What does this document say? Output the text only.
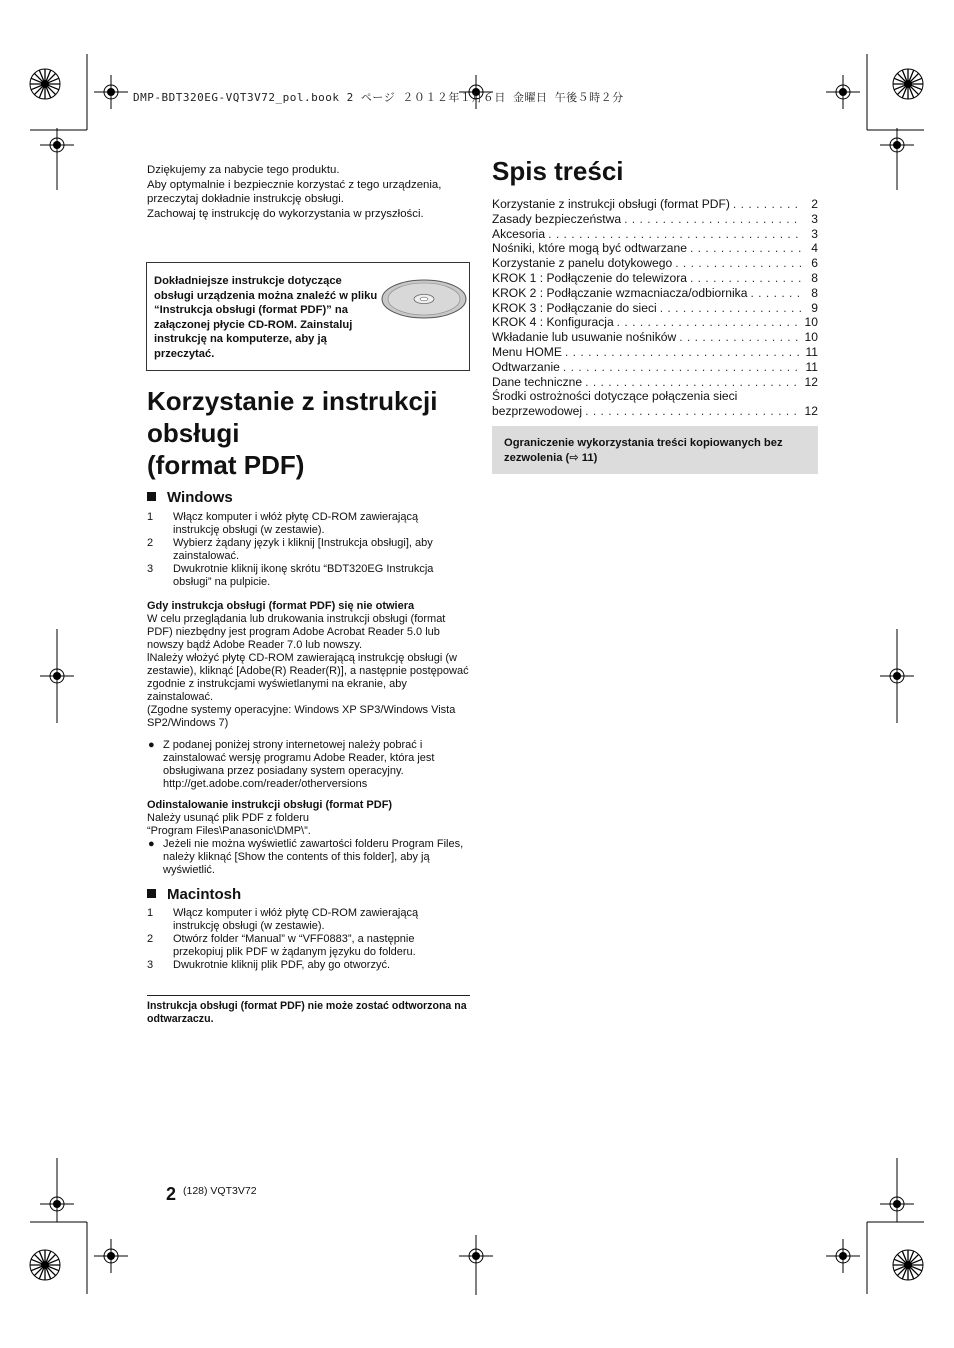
DMP-BDT320EG-VQT3V72_pol.book 2 ページ ２０１２年１月６日 金曜日 午後５時２分

Dziękujemy za nabycie tego produktu.

Aby optymalnie i bezpiecznie korzystać z tego urządzenia, przeczytaj dokładnie instrukcję obsługi.

Zachowaj tę instrukcję do wykorzystania w przyszłości.

Dokładniejsze instrukcje dotyczące obsługi urządzenia można znaleźć w pliku “Instrukcja obsługi (format PDF)” na załączonej płycie CD-ROM. Zainstaluj instrukcję na komputerze, aby ją przeczytać.
Korzystanie z instrukcji
obsługi
(format PDF)
Windows
1 Włącz komputer i włóż płytę CD-ROM zawierającą instrukcję obsługi (w zestawie).
2 Wybierz żądany język i kliknij [Instrukcja obsługi], aby zainstalować.
3 Dwukrotnie kliknij ikonę skrótu “BDT320EG Instrukcja obsługi” na pulpicie.

Gdy instrukcja obsługi (format PDF) się nie otwiera

W celu przeglądania lub drukowania instrukcji obsługi (format PDF) niezbędny jest program Adobe Acrobat Reader 5.0 lub nowszy bądź Adobe Reader 7.0 lub nowszy.

lNależy włożyć płytę CD-ROM zawierającą instrukcję obsługi (w zestawie), kliknąć [Adobe(R) Reader(R)], a następnie postępować zgodnie z instrukcjami wyświetlanymi na ekranie, aby zainstalować.

(Zgodne systemy operacyjne: Windows XP SP3/Windows Vista SP2/Windows 7)

● Z podanej poniżej strony internetowej należy pobrać i zainstalować wersję programu Adobe Reader, która jest obsługiwana przez posiadany system operacyjny. http://get.adobe.com/reader/otherversions

Odinstalowanie instrukcji obsługi (format PDF)

Należy usunąć plik PDF z folderu

“Program Files\Panasonic\DMP\”.

● Jeżeli nie można wyświetlić zawartości folderu Program Files, należy kliknąć [Show the contents of this folder], aby ją wyświetlić.
Macintosh
1 Włącz komputer i włóż płytę CD-ROM zawierającą instrukcję obsługi (w zestawie).
2 Otwórz folder “Manual” w “VFF0883”, a następnie przekopiuj plik PDF w żądanym języku do folderu.
3 Dwukrotnie kliknij plik PDF, aby go otworzyć.
Instrukcja obsługi (format PDF) nie może zostać odtworzona na odtwarzaczu.
Spis treści
Korzystanie z instrukcji obsługi (format PDF) . . .	2
Zasady bezpieczeństwa . . .	3
Akcesoria . . .	3
Nośniki, które mogą być odtwarzane . . .	4
Korzystanie z panelu dotykowego . . .	6
KROK 1 : Podłączenie do telewizora . . .	8
KROK 2 : Podłączanie wzmacniacza/odbiornika . . .	8
KROK 3 : Podłączanie do sieci . . .	9
KROK 4 : Konfiguracja . . .	10
Wkładanie lub usuwanie nośników . . .	10
Menu HOME . . .	11
Odtwarzanie . . .	11
Dane techniczne . . .	12
Środki ostrożności dotyczące połączenia sieci
bezprzewodowej . . .	12
Ograniczenie wykorzystania treści kopiowanych bez zezwolenia (⇨ 11)
2 (128) VQT3V72
